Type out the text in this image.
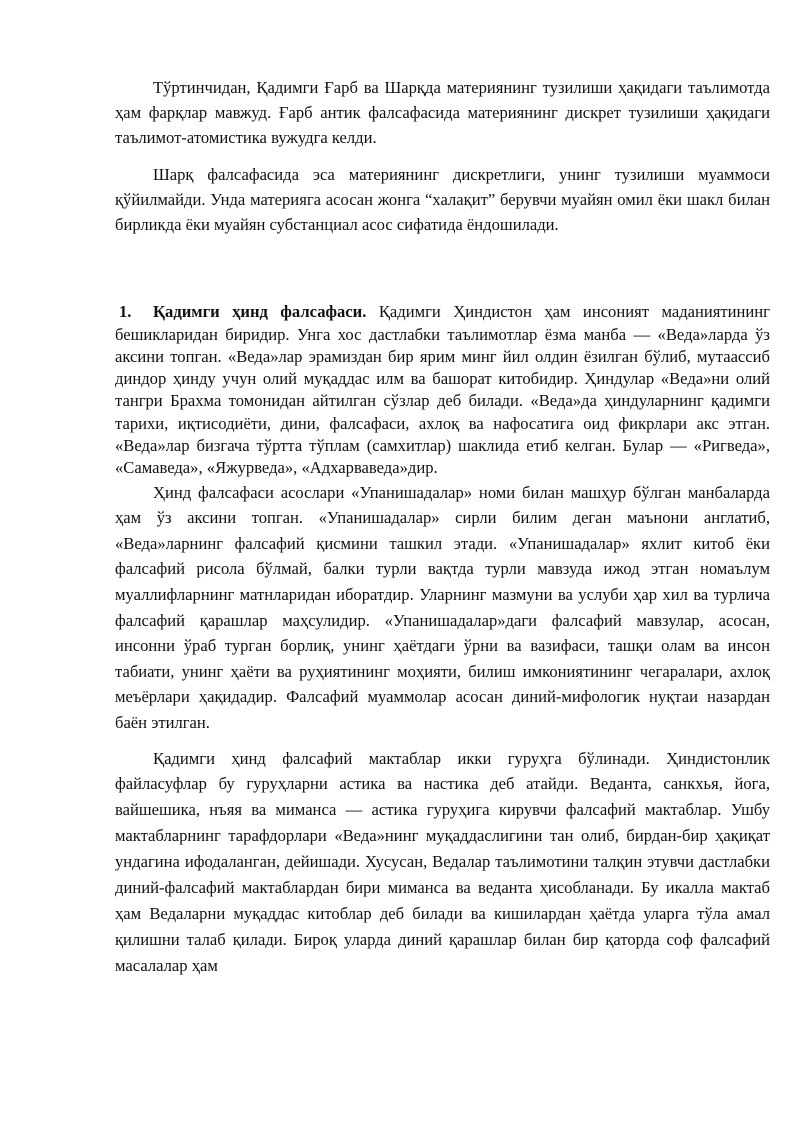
Тўртинчидан, Қадимги Ғарб ва Шарқда материянинг тузилиши ҳақидаги таълимотда ҳам фарқлар мавжуд. Ғарб антик фалсафасида материянинг дискрет тузилиши ҳақидаги таълимот-атомистика вужудга келди.

Шарқ фалсафасида эса материянинг дискретлиги, унинг тузилиши муаммоси қўйилмайди. Унда материяга асосан жонга “халақит” берувчи муайян омил ёки шакл билан бирликда ёки муайян субстанциал асос сифатида ёндошилади.

1. Қадимги ҳинд фалсафаси. Қадимги Ҳиндистон ҳам инсоният маданиятининг бешикларидан биридир. Унга хос дастлабки таълимотлар ёзма манба — «Веда»ларда ўз аксини топган. «Веда»лар эрамиздан бир ярим минг йил олдин ёзилган бўлиб, мутаассиб диндор ҳинду учун олий муқаддас илм ва башорат китобидир. Ҳиндулар «Веда»ни олий тангри Брахма томонидан айтилган сўзлар деб билади. «Веда»да ҳиндуларнинг қадимги тарихи, иқтисодиёти, дини, фалсафаси, ахлоқ ва нафосатига оид фикрлари акс этган. «Веда»лар бизгача тўртта тўплам (самхитлар) шаклида етиб келган. Булар — «Ригведа», «Самаведа», «Яжурведа», «Адхарваведа»дир.

Ҳинд фалсафаси асослари «Упанишадалар» номи билан машҳур бўлган манбаларда ҳам ўз аксини топган. «Упанишадалар» сирли билим деган маънони англатиб, «Веда»ларнинг фалсафий қисмини ташкил этади. «Упанишадалар» яхлит китоб ёки фалсафий рисола бўлмай, балки турли вақтда турли мавзуда ижод этган номаълум муаллифларнинг матнларидан иборатдир. Уларнинг мазмуни ва услуби ҳар хил ва турлича фалсафий қарашлар маҳсулидир. «Упанишадалар»даги фалсафий мавзулар, асосан, инсонни ўраб турган борлиқ, унинг ҳаётдаги ўрни ва вазифаси, ташқи олам ва инсон табиати, унинг ҳаёти ва руҳиятининг моҳияти, билиш имкониятининг чегаралари, ахлоқ меъёрлари ҳақидадир. Фалсафий муаммолар асосан диний-мифологик нуқтаи назардан баён этилган.

Қадимги ҳинд фалсафий мактаблар икки гуруҳга бўлинади. Ҳиндистонлик файласуфлар бу гуруҳларни астика ва настика деб атайди. Веданта, санкхья, йога, вайшешика, нъяя ва миманса — астика гуруҳига кирувчи фалсафий мактаблар. Ушбу мактабларнинг тарафдорлари «Веда»нинг муқаддаслигини тан олиб, бирдан-бир ҳақиқат ундагина ифодаланган, дейишади. Хусусан, Ведалар таълимотини талқин этувчи дастлабки диний-фалсафий мактаблардан бири миманса ва веданта ҳисобланади. Бу икалла мактаб ҳам Ведаларни муқаддас китоблар деб билади ва кишилардан ҳаётда уларга тўла амал қилишни талаб қилади. Бироқ уларда диний қарашлар билан бир қаторда соф фалсафий масалалар ҳам
